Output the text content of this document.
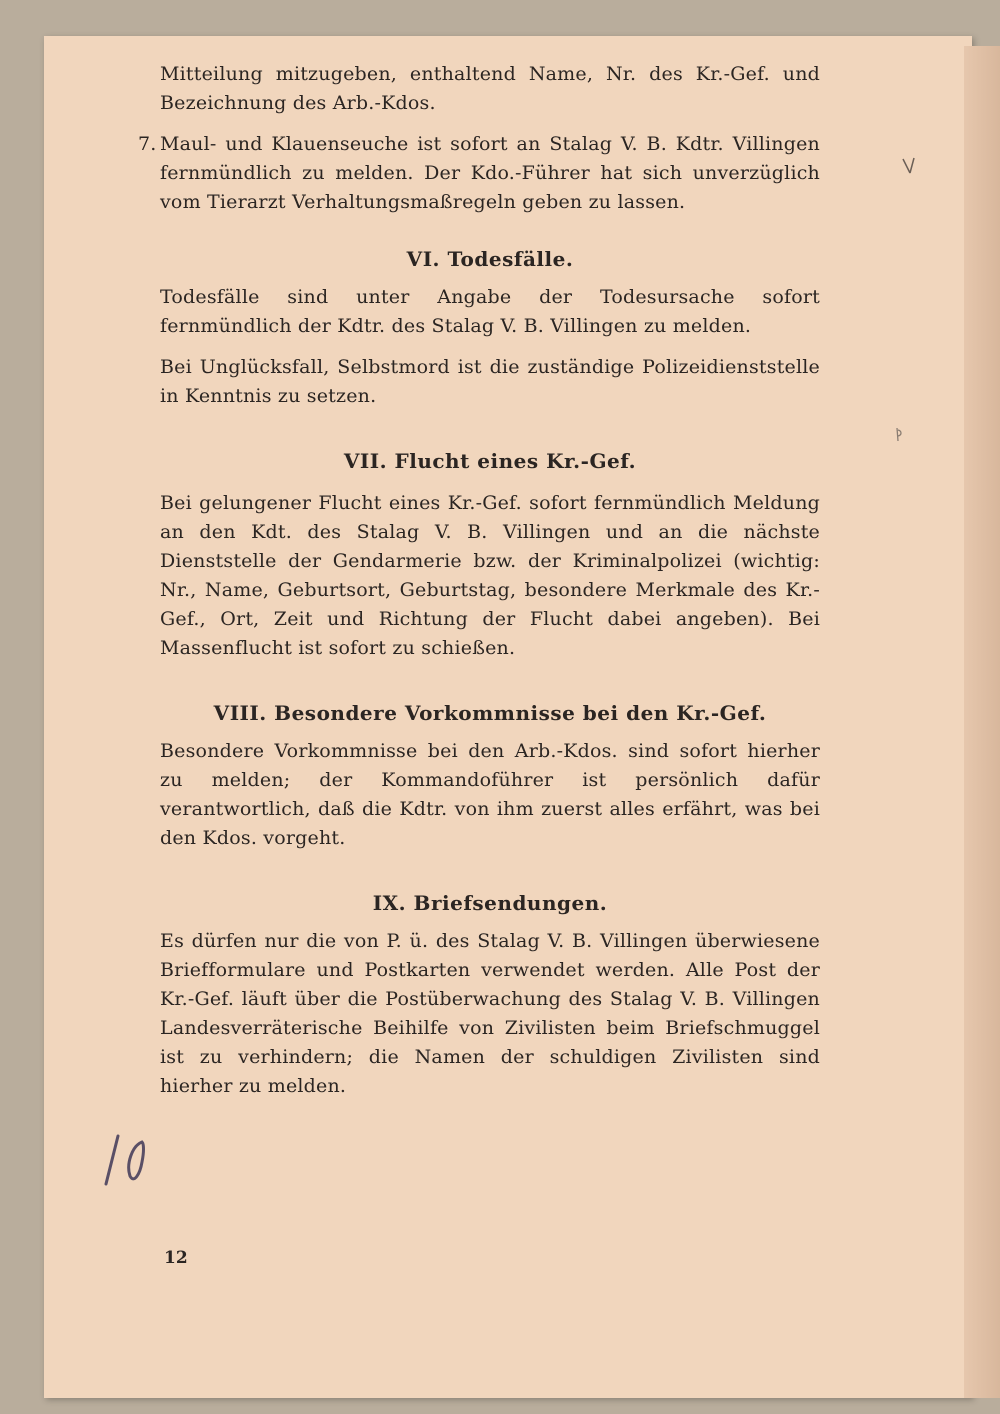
Mitteilung mitzugeben, enthaltend Name, Nr. des Kr.-Gef. und Bezeichnung des Arb.-Kdos.

7. Maul- und Klauenseuche ist sofort an Stalag V. B. Kdtr. Villingen fernmündlich zu melden. Der Kdo.-Führer hat sich unverzüglich vom Tierarzt Verhaltungsmaßregeln geben zu lassen.

VI. Todesfälle.

Todesfälle sind unter Angabe der Todesursache sofort fernmündlich der Kdtr. des Stalag V. B. Villingen zu melden.

Bei Unglücksfall, Selbstmord ist die zuständige Polizeidienststelle in Kenntnis zu setzen.

VII. Flucht eines Kr.-Gef.

Bei gelungener Flucht eines Kr.-Gef. sofort fernmündlich Meldung an den Kdt. des Stalag V. B. Villingen und an die nächste Dienststelle der Gendarmerie bzw. der Kriminalpolizei (wichtig: Nr., Name, Geburtsort, Geburtstag, besondere Merkmale des Kr.-Gef., Ort, Zeit und Richtung der Flucht dabei angeben). Bei Massenflucht ist sofort zu schießen.

VIII. Besondere Vorkommnisse bei den Kr.-Gef.

Besondere Vorkommnisse bei den Arb.-Kdos. sind sofort hierher zu melden; der Kommandoführer ist persönlich dafür verantwortlich, daß die Kdtr. von ihm zuerst alles erfährt, was bei den Kdos. vorgeht.

IX. Briefsendungen.

Es dürfen nur die von P. ü. des Stalag V. B. Villingen überwiesene Briefformulare und Postkarten verwendet werden. Alle Post der Kr.-Gef. läuft über die Postüberwachung des Stalag V. B. Villingen Landesverräterische Beihilfe von Zivilisten beim Briefschmuggel ist zu verhindern; die Namen der schuldigen Zivilisten sind hierher zu melden.

12
